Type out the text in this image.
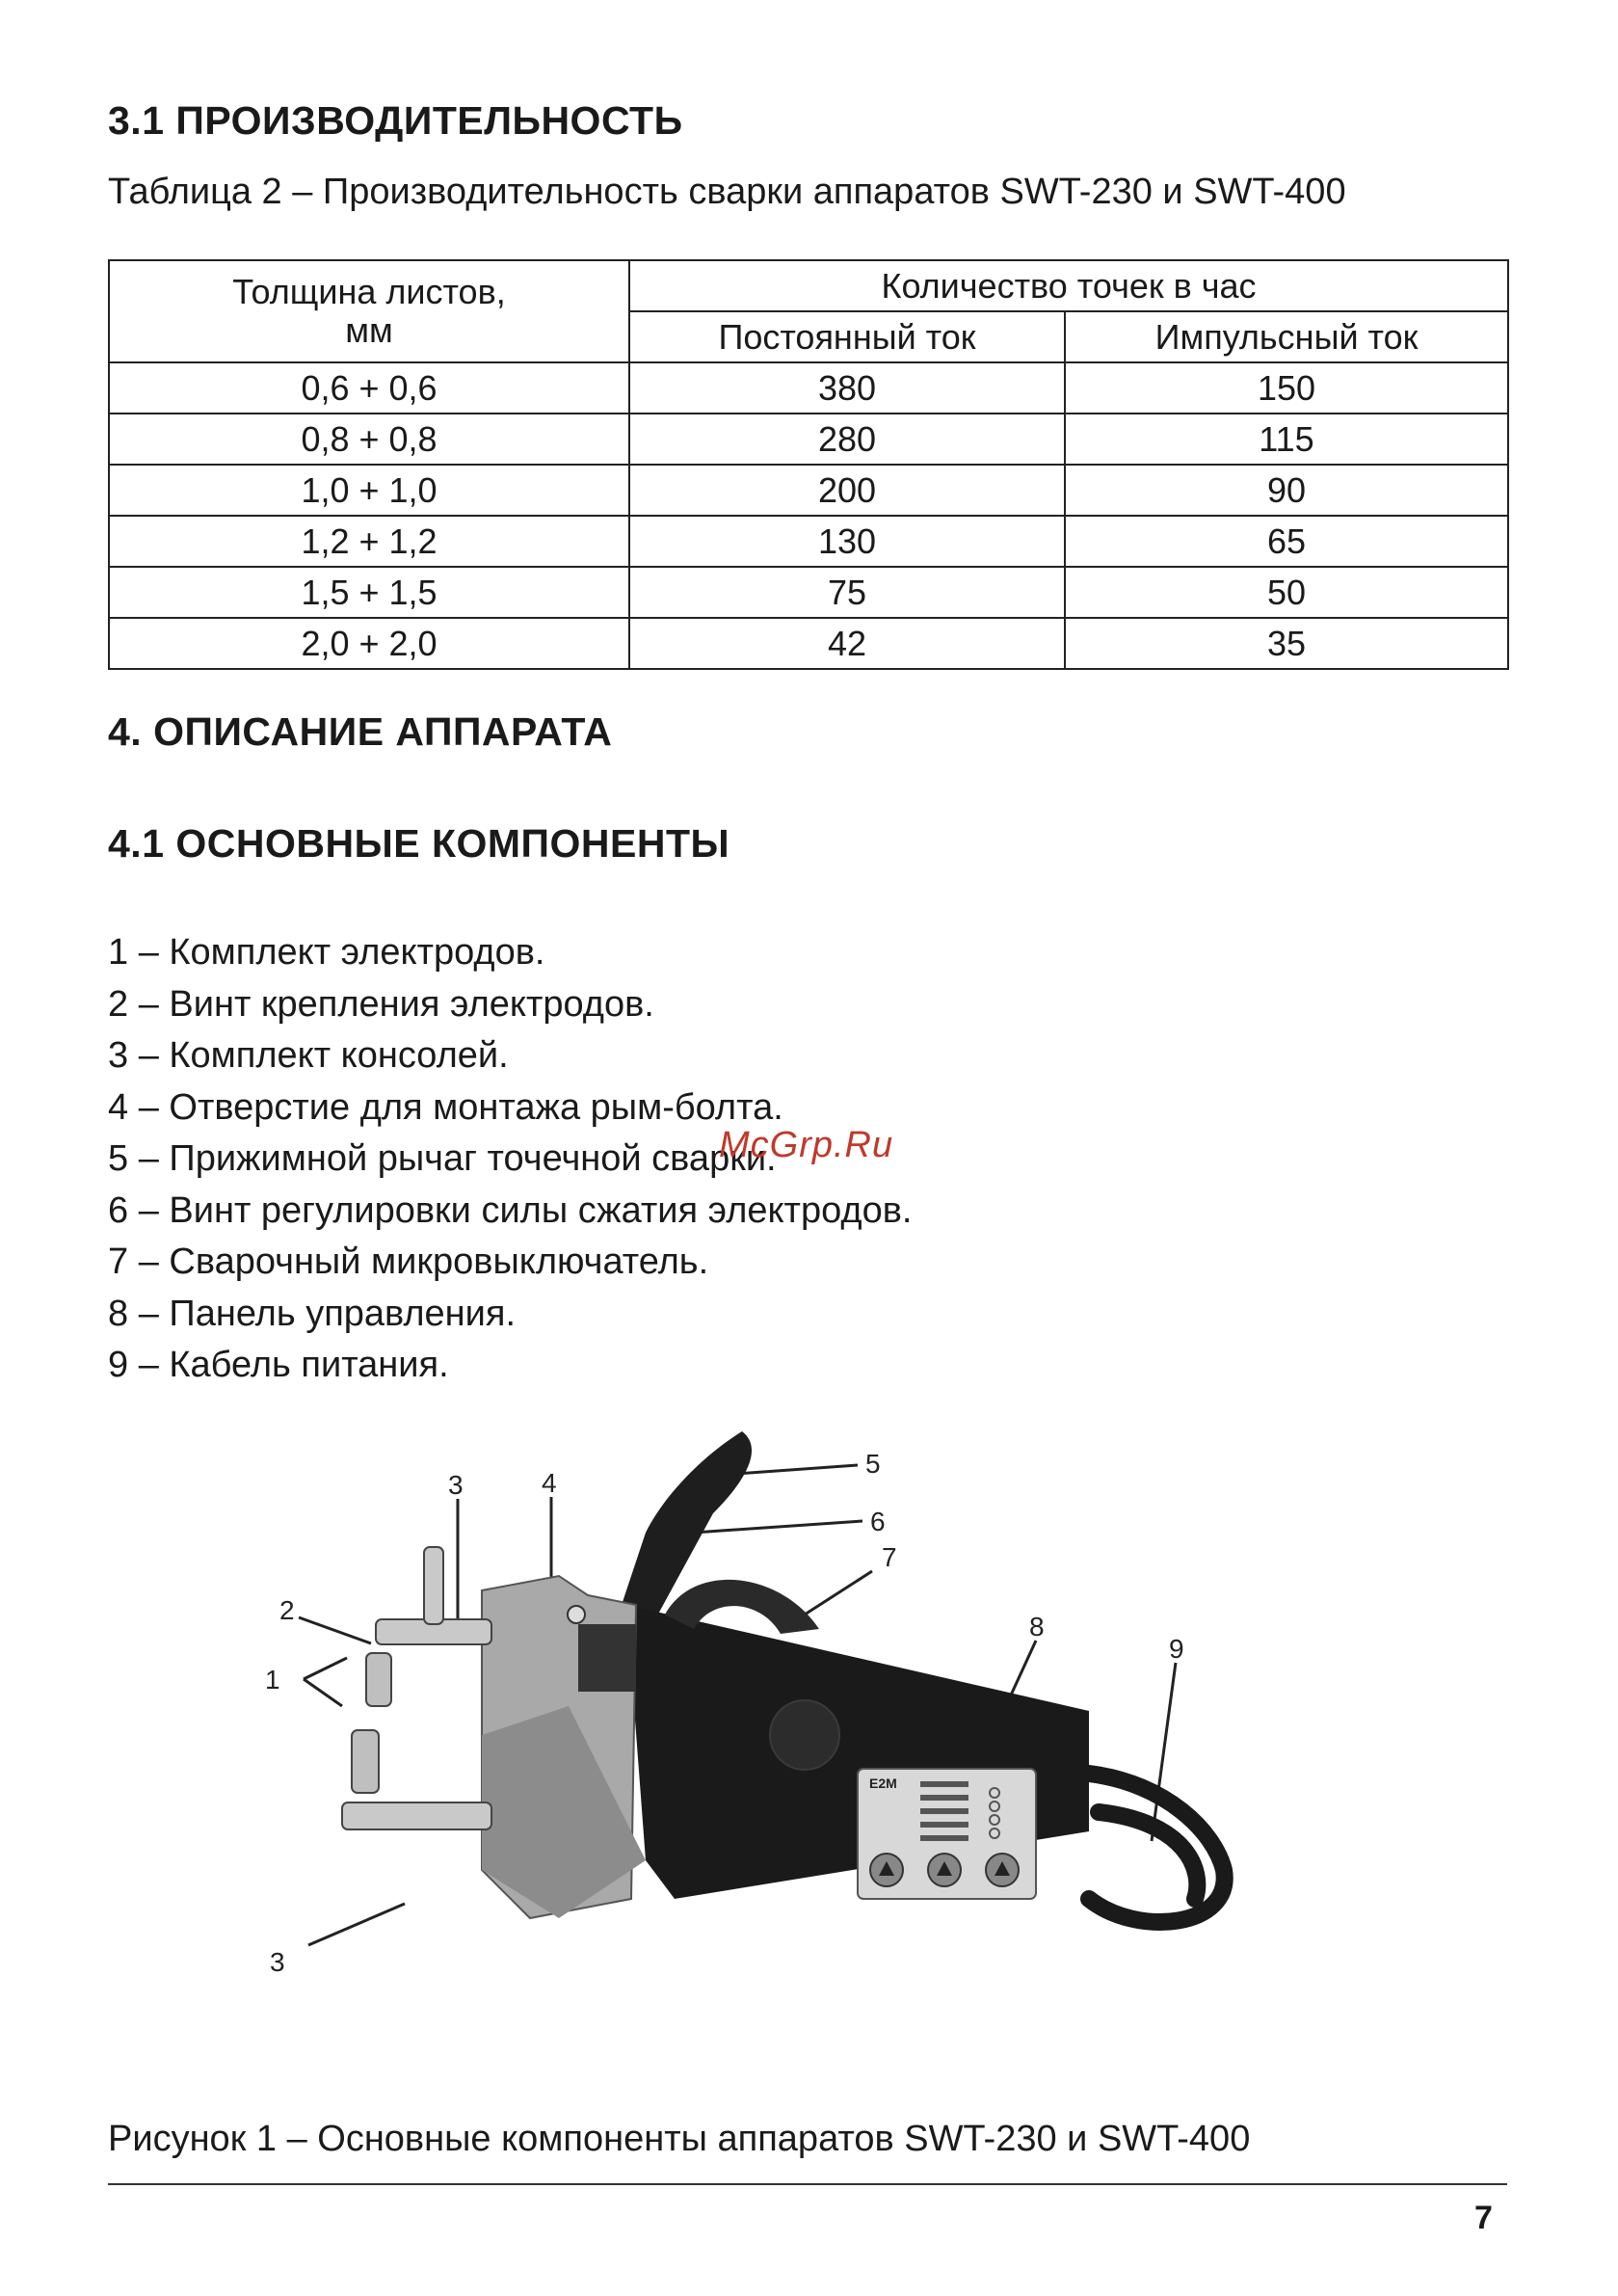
3.1 ПРОИЗВОДИТЕЛЬНОСТЬ

Таблица 2 – Производительность сварки аппаратов SWT-230 и SWT-400

Толщина листов, мм	Количество точек в час	
	Постоянный ток	Импульсный ток
0,6 + 0,6	380	150
0,8 + 0,8	280	115
1,0 + 1,0	200	90
1,2 + 1,2	130	65
1,5 + 1,5	75	50
2,0 + 2,0	42	35
4. ОПИСАНИЕ АППАРАТА
4.1 ОСНОВНЫЕ КОМПОНЕНТЫ
1 – Комплект электродов.
2 – Винт крепления электродов.
3 – Комплект консолей.
4 – Отверстие для монтажа рым-болта.
5 – Прижимной рычаг точечной сварки.
6 – Винт регулировки силы сжатия электродов.
7 – Сварочный микровыключатель.
8 – Панель управления.
9 – Кабель питания.
McGrp.Ru
E2M
2
1
3	4
5
6
7
8
9
3

Рисунок 1 – Основные компоненты аппаратов SWT-230 и SWT-400

7
